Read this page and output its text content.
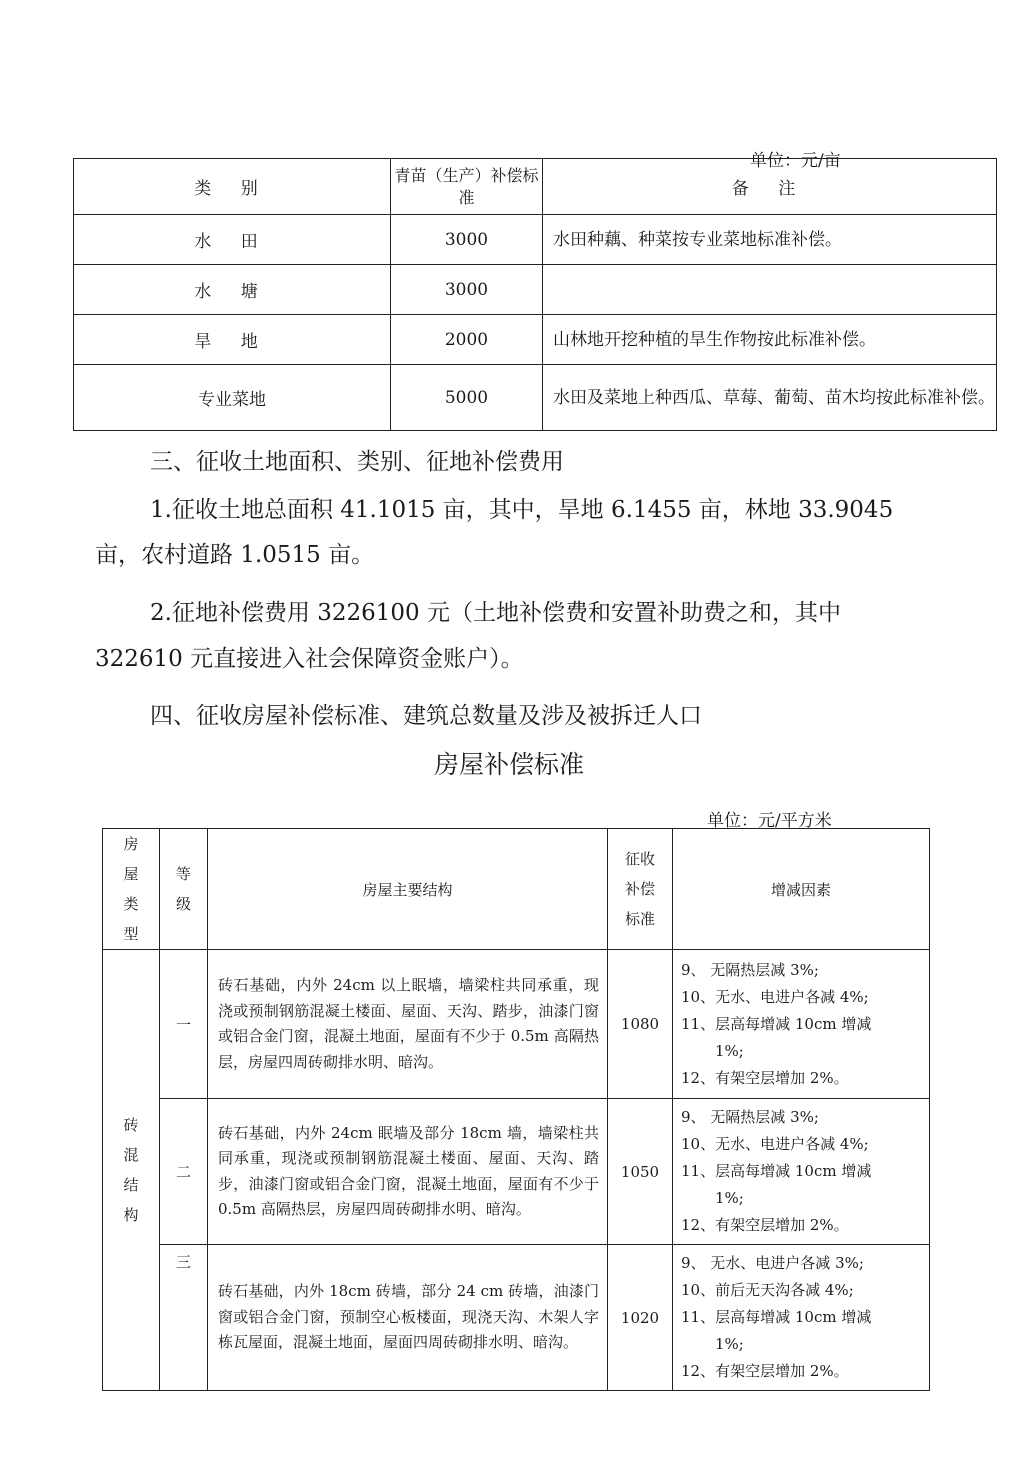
单位：元/亩
类 别	青苗（生产）补偿标准	备 注
水 田	3000	水田种藕、种菜按专业菜地标准补偿。
水 塘	3000	
旱 地	2000	山林地开挖种植的旱生作物按此标准补偿。
专业菜地	5000	水田及菜地上种西瓜、草莓、葡萄、苗木均按此标准补偿。
三、征收土地面积、类别、征地补偿费用
1.征收土地总面积 41.1015 亩，其中，旱地 6.1455 亩，林地 33.9045
亩，农村道路 1.0515 亩。
2.征地补偿费用 3226100 元（土地补偿费和安置补助费之和，其中
322610 元直接进入社会保障资金账户）。
四、征收房屋补偿标准、建筑总数量及涉及被拆迁人口
房屋补偿标准
单位：元/平方米
房屋类型	等级	房屋主要结构	征收补偿标准	增减因素
砖混结构	一	砖石基础，内外 24cm 以上眠墙，墙梁柱共同承重，现浇或预制钢筋混凝土楼面、屋面、天沟、踏步，油漆门窗或铝合金门窗，混凝土地面，屋面有不少于 0.5m 高隔热层，房屋四周砖砌排水明、暗沟。	1080	9、 无隔热层减 3%;
10、无水、电进户各减 4%;
11、层高每增减 10cm 增减
1%;
12、有架空层增加 2%。

	二	砖石基础，内外 24cm 眠墙及部分 18cm 墙，墙梁柱共同承重，现浇或预制钢筋混凝土楼面、屋面、天沟、踏步，油漆门窗或铝合金门窗，混凝土地面，屋面有不少于 0.5m 高隔热层，房屋四周砖砌排水明、暗沟。	1050	9、 无隔热层减 3%;
10、无水、电进户各减 4%;
11、层高每增减 10cm 增减
1%;
12、有架空层增加 2%。

	三	砖石基础，内外 18cm 砖墙，部分 24 cm 砖墙，油漆门窗或铝合金门窗，预制空心板楼面，现浇天沟、木架人字栋瓦屋面，混凝土地面，屋面四周砖砌排水明、暗沟。	1020	9、 无水、电进户各减 3%;
10、前后无天沟各减 4%;
11、层高每增减 10cm 增减
1%;
12、有架空层增加 2%。
